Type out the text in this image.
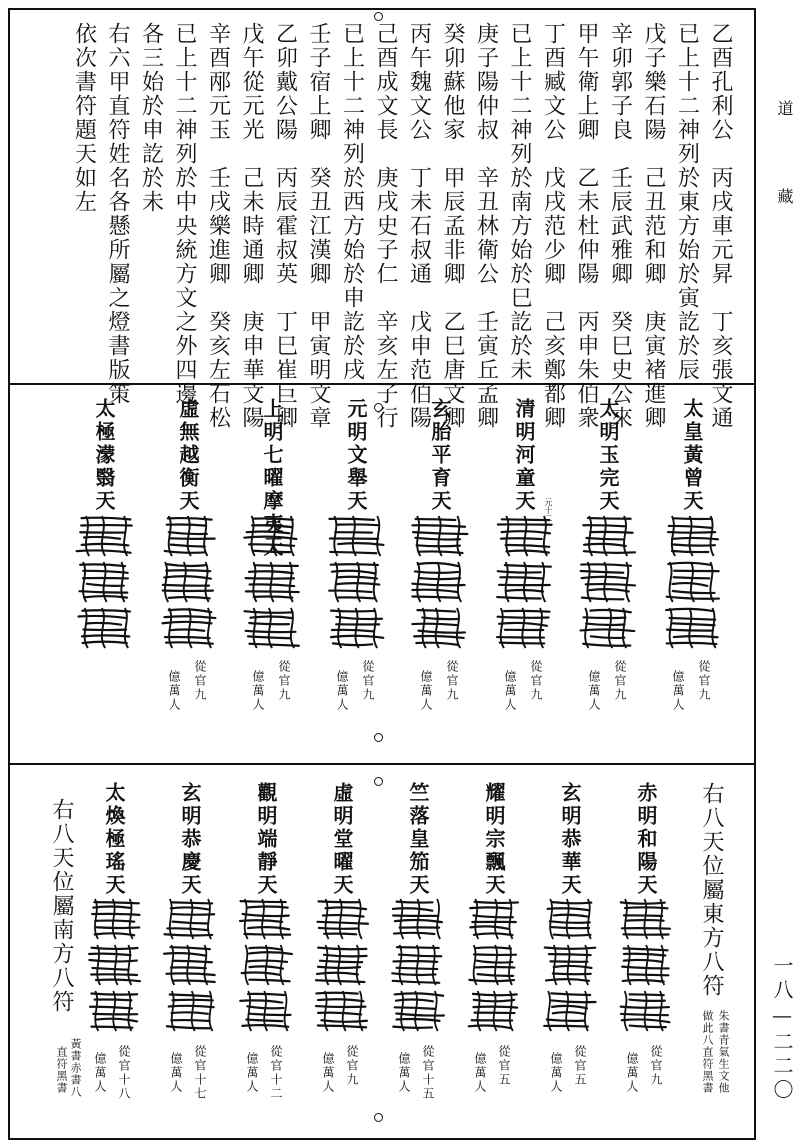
乙酉孔利公　丙戌車元昇　丁亥張文通
已上十二神列於東方始於寅訖於辰
戊子樂石陽　己丑范和卿　庚寅褚進卿
辛卯郭子良　壬辰武雅卿　癸巳史公來
甲午衛上卿　乙未杜仲陽　丙申朱伯衆
丁酉臧文公　戊戌范少卿　己亥鄭都卿
已上十二神列於南方始於巳訖於未
庚子陽仲叔　辛丑林衛公　壬寅丘孟卿
癸卯蘇他家　甲辰孟非卿　乙巳唐文卿
丙午魏文公　丁未石叔通　戊申范伯陽
己酉成文長　庚戌史子仁　辛亥左子行
已上十二神列於西方始於申訖於戌
壬子宿上卿　癸丑江漢卿　甲寅明文章
乙卯戴公陽　丙辰霍叔英　丁巳崔巨卿
戊午從元光　己未時通卿　庚申華文陽
辛酉邴元玉　壬戌樂進卿　癸亥左石松
已上十二神列於中央統方文之外四邊
各三始於申訖於未
右六甲直符姓名各懸所屬之燈書版策
依次書符題天如左
太皇黃曾天
從官九
億萬人
太明玉完天
從官九
億萬人
清明河童天 元十二
從官九
億萬人
玄胎平育天
從官九
億萬人
元明文舉天
從官九
億萬人
上明七曜摩夷天
從官九
億萬人
虛無越衡天
從官九
億萬人
太極濛翳天
右八天位屬東方八符
朱書青氣生文他
做此八直符黑書
赤明和陽天
從官九
億萬人
玄明恭華天
從官五
億萬人
耀明宗飄天
從官五
億萬人
竺落皇笳天
從官十五
億萬人
虛明堂曜天
從官九
億萬人
觀明端靜天
從官十二
億萬人
玄明恭慶天
從官十七
億萬人
太煥極瑤天
從官十八
億萬人
右八天位屬南方八符
黃書赤書八
直符黑書
道
藏
一八—二二〇
